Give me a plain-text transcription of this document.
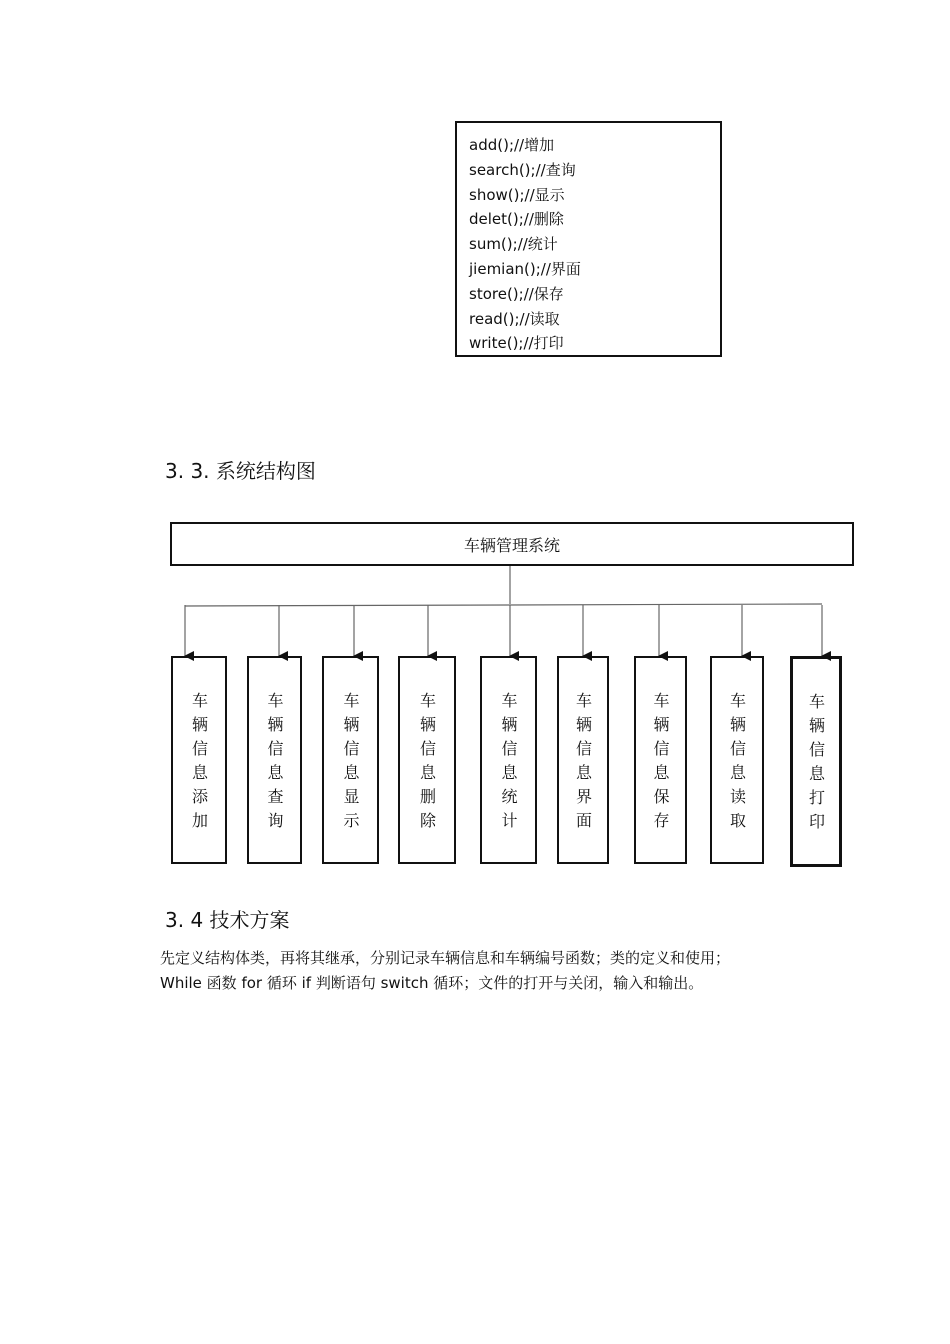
add();//增加
search();//查询
show();//显示
delet();//删除
sum();//统计
jiemian();//界面
store();//保存
read();//读取
write();//打印
3. 3. 系统结构图
车辆管理系统
车辆信息添加	车辆信息查询	车辆信息显示	车辆信息删除	车辆信息统计	车辆信息界面	车辆信息保存	车辆信息读取	车辆信息打印
3. 4 技术方案
先定义结构体类，再将其继承，分别记录车辆信息和车辆编号函数；类的定义和使用；
While 函数 for 循环 if 判断语句 switch 循环；文件的打开与关闭，输入和输出。
